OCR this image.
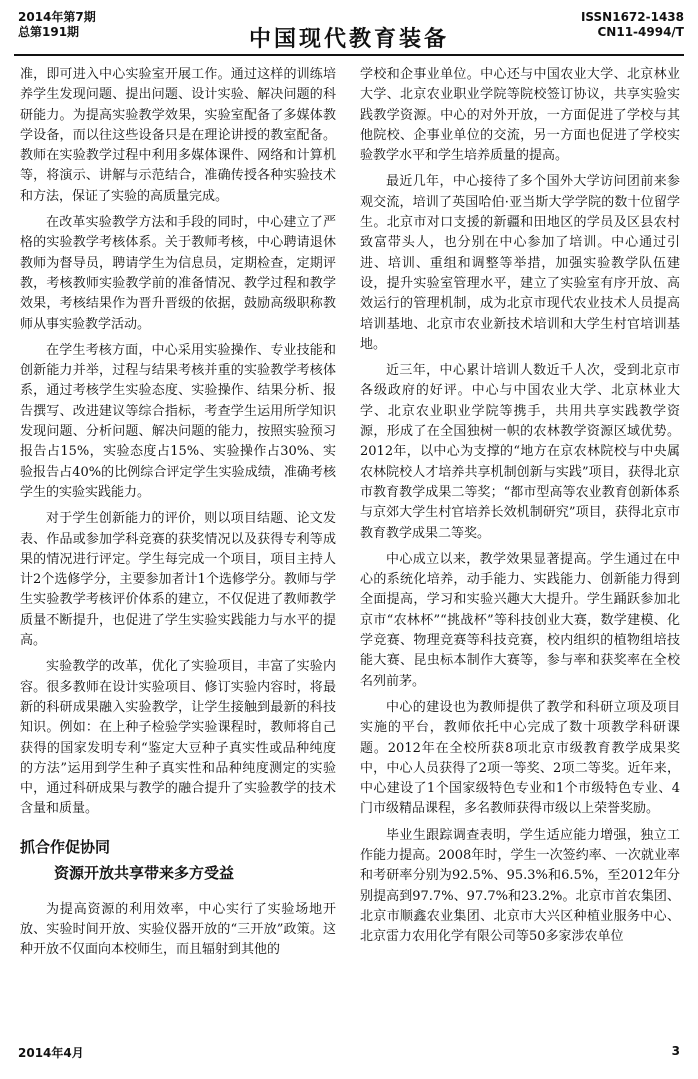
2014年第7期
总第191期	中国现代教育装备
ISSN1672-1438
CN11-4994/T

准，即可进入中心实验室开展工作。通过这样的训练培养学生发现问题、提出问题、设计实验、解决问题的科研能力。为提高实验教学效果，实验室配备了多媒体教学设备，而以往这些设备只是在理论讲授的教室配备。教师在实验教学过程中利用多媒体课件、网络和计算机等，将演示、讲解与示范结合，准确传授各种实验技术和方法，保证了实验的高质量完成。

在改革实验教学方法和手段的同时，中心建立了严格的实验教学考核体系。关于教师考核，中心聘请退休教师为督导员，聘请学生为信息员，定期检查，定期评教，考核教师实验教学前的准备情况、教学过程和教学效果，考核结果作为晋升晋级的依据，鼓励高级职称教师从事实验教学活动。

在学生考核方面，中心采用实验操作、专业技能和创新能力并举，过程与结果考核并重的实验教学考核体系，通过考核学生实验态度、实验操作、结果分析、报告撰写、改进建议等综合指标，考查学生运用所学知识发现问题、分析问题、解决问题的能力，按照实验预习报告占15%，实验态度占15%、实验操作占30%、实验报告占40%的比例综合评定学生实验成绩，准确考核学生的实验实践能力。

对于学生创新能力的评价，则以项目结题、论文发表、作品或参加学科竞赛的获奖情况以及获得专利等成果的情况进行评定。学生每完成一个项目，项目主持人计2个选修学分，主要参加者计1个选修学分。教师与学生实验教学考核评价体系的建立，不仅促进了教师教学质量不断提升，也促进了学生实验实践能力与水平的提高。

实验教学的改革，优化了实验项目，丰富了实验内容。很多教师在设计实验项目、修订实验内容时，将最新的科研成果融入实验教学，让学生接触到最新的科技知识。例如：在上种子检验学实验课程时，教师将自己获得的国家发明专利“鉴定大豆种子真实性或品种纯度的方法”运用到学生种子真实性和品种纯度测定的实验中，通过科研成果与教学的融合提升了实验教学的技术含量和质量。

抓合作促协同
资源开放共享带来多方受益

为提高资源的利用效率，中心实行了实验场地开放、实验时间开放、实验仪器开放的“三开放”政策。这种开放不仅面向本校师生，而且辐射到其他的

学校和企事业单位。中心还与中国农业大学、北京林业大学、北京农业职业学院等院校签订协议，共享实验实践教学资源。中心的对外开放，一方面促进了学校与其他院校、企事业单位的交流，另一方面也促进了学校实验教学水平和学生培养质量的提高。

最近几年，中心接待了多个国外大学访问团前来参观交流，培训了英国哈伯·亚当斯大学学院的数十位留学生。北京市对口支援的新疆和田地区的学员及区县农村致富带头人，也分别在中心参加了培训。中心通过引进、培训、重组和调整等举措，加强实验教学队伍建设，提升实验室管理水平，建立了实验室有序开放、高效运行的管理机制，成为北京市现代农业技术人员提高培训基地、北京市农业新技术培训和大学生村官培训基地。

近三年，中心累计培训人数近千人次，受到北京市各级政府的好评。中心与中国农业大学、北京林业大学、北京农业职业学院等携手，共用共享实践教学资源，形成了在全国独树一帜的农林教学资源区域优势。2012年，以中心为支撑的“地方在京农林院校与中央属农林院校人才培养共享机制创新与实践”项目，获得北京市教育教学成果二等奖；“都市型高等农业教育创新体系与京郊大学生村官培养长效机制研究”项目，获得北京市教育教学成果二等奖。

中心成立以来，教学效果显著提高。学生通过在中心的系统化培养，动手能力、实践能力、创新能力得到全面提高，学习和实验兴趣大大提升。学生踊跃参加北京市“农林杯”“挑战杯”等科技创业大赛，数学建模、化学竞赛、物理竞赛等科技竞赛，校内组织的植物组培技能大赛、昆虫标本制作大赛等，参与率和获奖率在全校名列前茅。

中心的建设也为教师提供了教学和科研立项及项目实施的平台，教师依托中心完成了数十项教学科研课题。2012年在全校所获8项北京市级教育教学成果奖中，中心人员获得了2项一等奖、2项二等奖。近年来，中心建设了1个国家级特色专业和1个市级特色专业、4门市级精品课程，多名教师获得市级以上荣誉奖励。

毕业生跟踪调查表明，学生适应能力增强，独立工作能力提高。2008年时，学生一次签约率、一次就业率和考研率分别为92.5%、95.3%和6.5%，至2012年分别提高到97.7%、97.7%和23.2%。北京市首农集团、北京市顺鑫农业集团、北京市大兴区种植业服务中心、北京雷力农用化学有限公司等50多家涉农单位

2014年4月	3
